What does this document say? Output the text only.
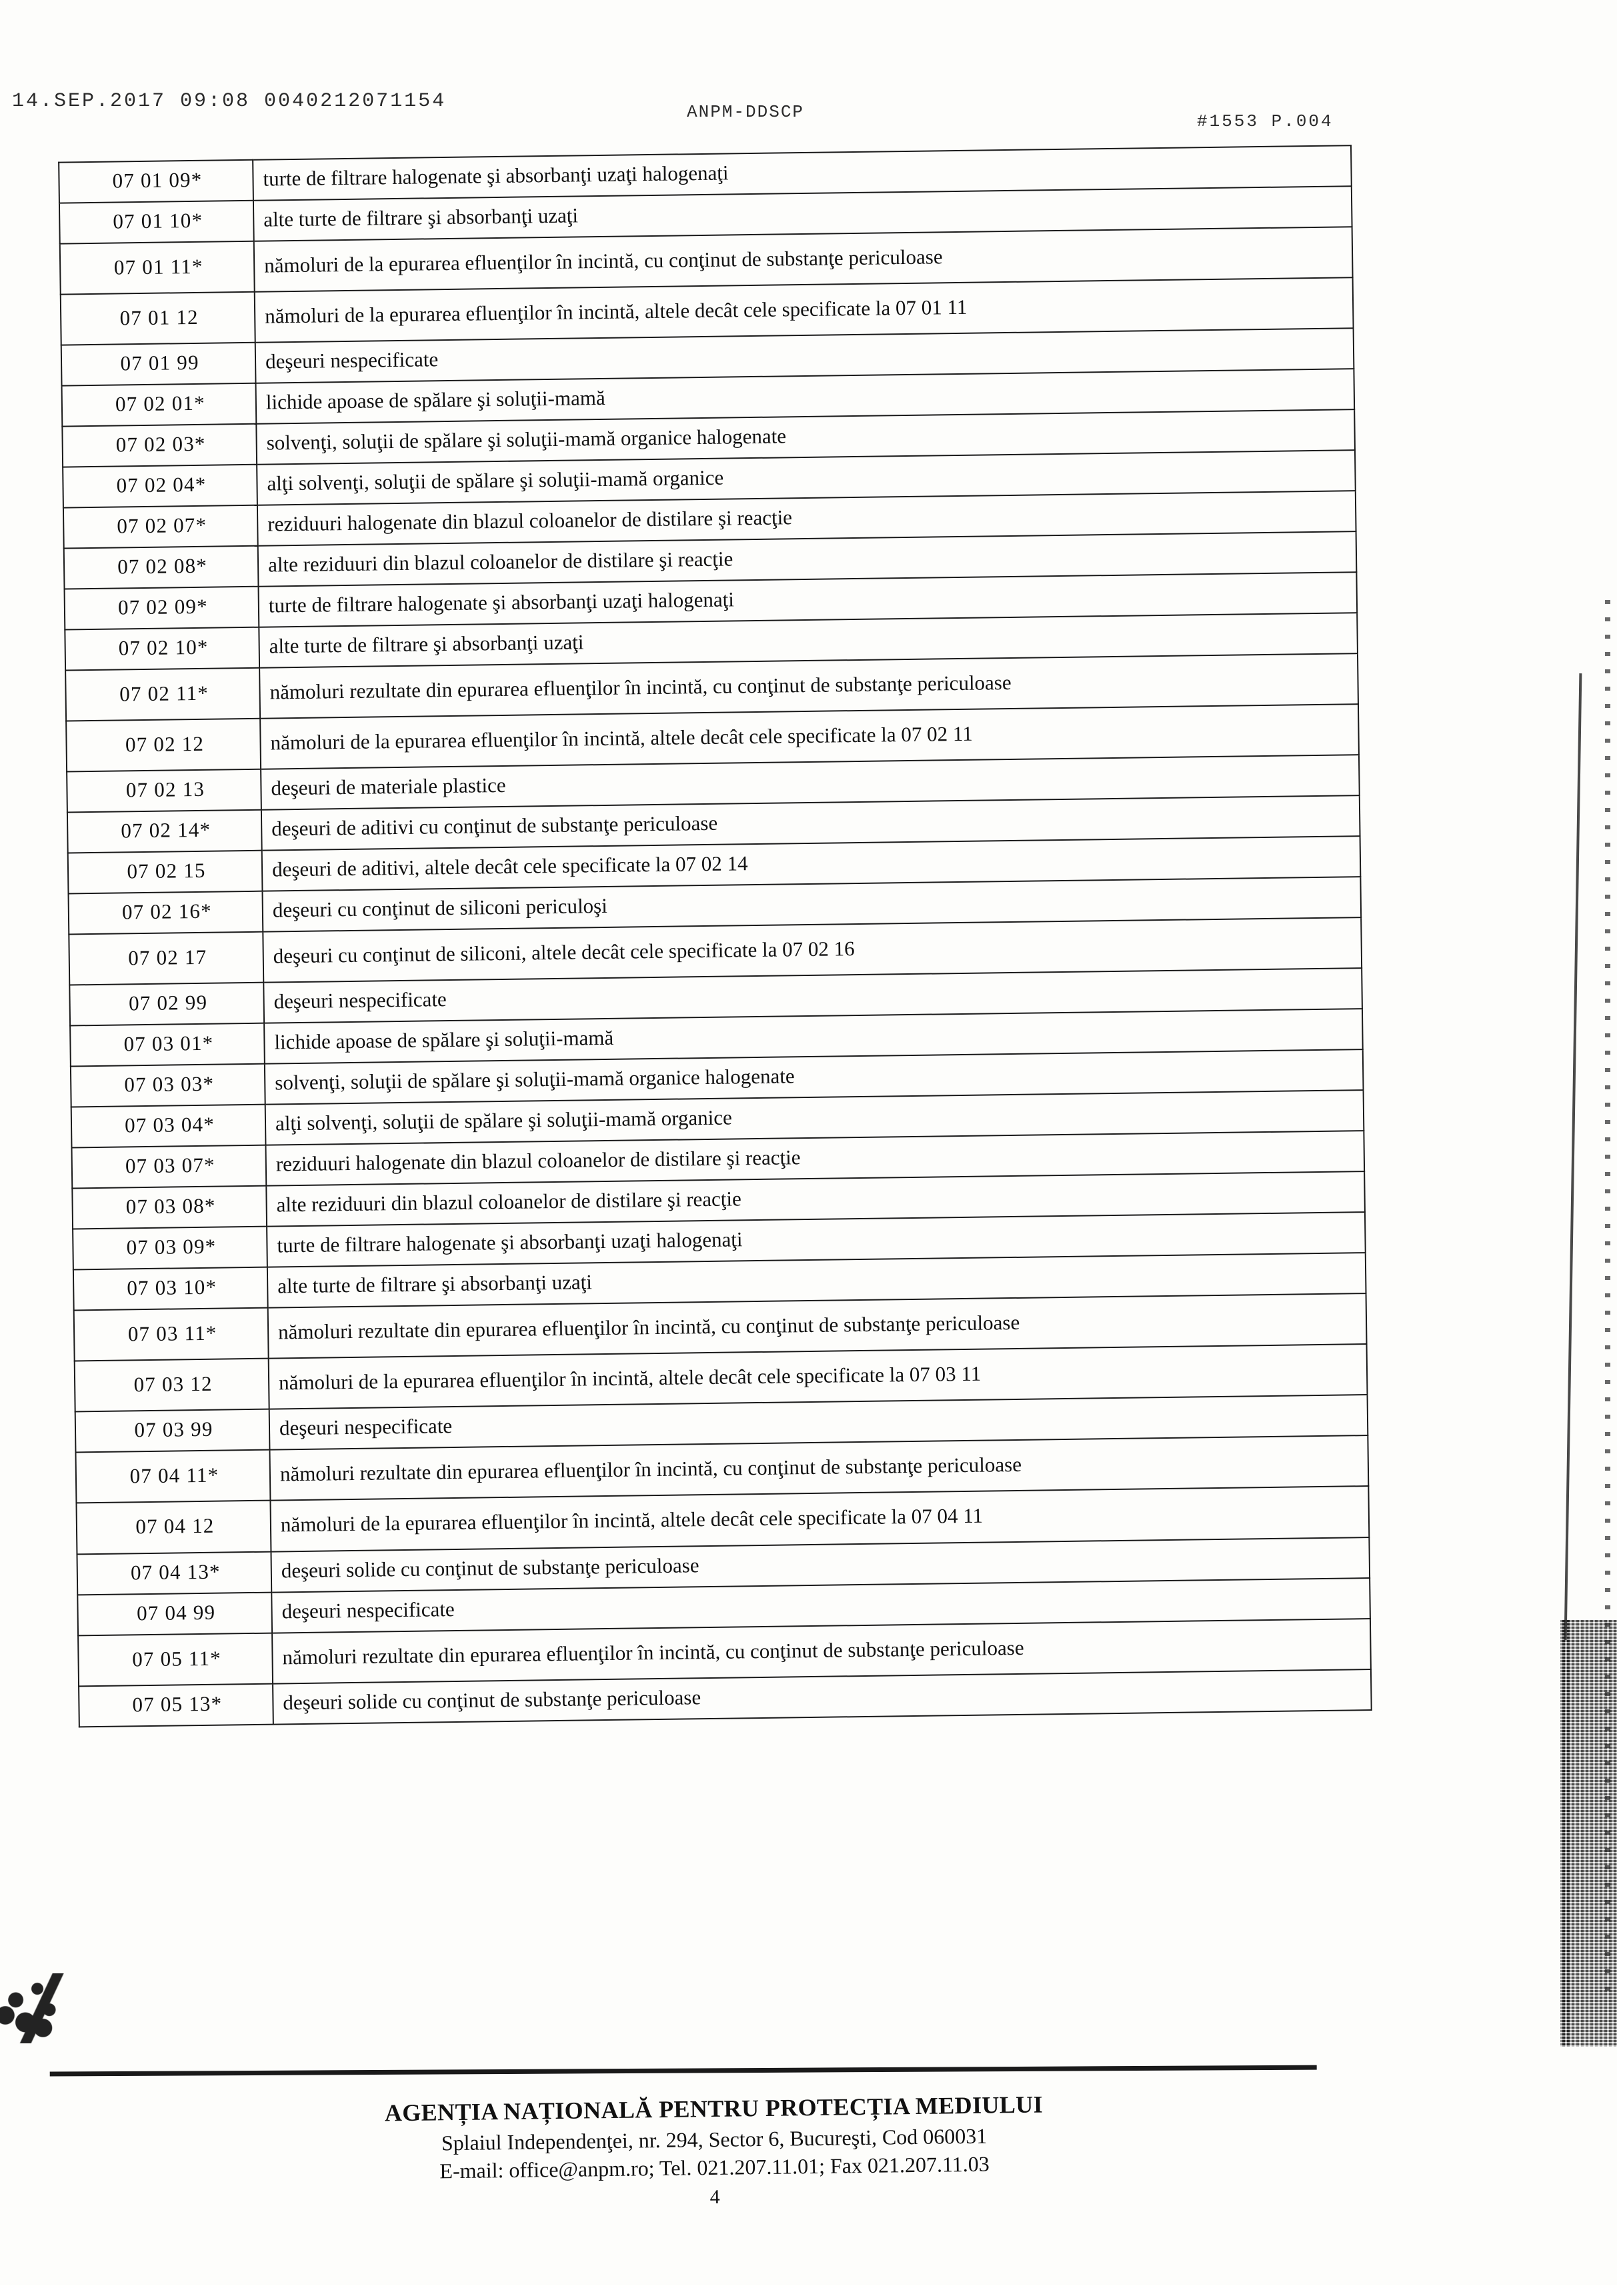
14.SEP.2017 09:08 0040212071154	ANPM-DDSCP	#1553 P.004
07 01 09*	turte de filtrare halogenate şi absorbanţi uzaţi halogenaţi
07 01 10*	alte turte de filtrare şi absorbanţi uzaţi
07 01 11*	nămoluri de la epurarea efluenţilor în incintă, cu conţinut de substanţe periculoase
07 01 12	nămoluri de la epurarea efluenţilor în incintă, altele decât cele specificate la 07 01 11
07 01 99	deşeuri nespecificate
07 02 01*	lichide apoase de spălare şi soluţii-mamă
07 02 03*	solvenţi, soluţii de spălare şi soluţii-mamă organice halogenate
07 02 04*	alţi solvenţi, soluţii de spălare şi soluţii-mamă organice
07 02 07*	reziduuri halogenate din blazul coloanelor de distilare şi reacţie
07 02 08*	alte reziduuri din blazul coloanelor de distilare şi reacţie
07 02 09*	turte de filtrare halogenate şi absorbanţi uzaţi halogenaţi
07 02 10*	alte turte de filtrare şi absorbanţi uzaţi
07 02 11*	nămoluri rezultate din epurarea efluenţilor în incintă, cu conţinut de substanţe periculoase
07 02 12	nămoluri de la epurarea efluenţilor în incintă, altele decât cele specificate la 07 02 11
07 02 13	deşeuri de materiale plastice
07 02 14*	deşeuri de aditivi cu conţinut de substanţe periculoase
07 02 15	deşeuri de aditivi, altele decât cele specificate la 07 02 14
07 02 16*	deşeuri cu conţinut de siliconi periculoşi
07 02 17	deşeuri cu conţinut de siliconi, altele decât cele specificate la 07 02 16
07 02 99	deşeuri nespecificate
07 03 01*	lichide apoase de spălare şi soluţii-mamă
07 03 03*	solvenţi, soluţii de spălare şi soluţii-mamă organice halogenate
07 03 04*	alţi solvenţi, soluţii de spălare şi soluţii-mamă organice
07 03 07*	reziduuri halogenate din blazul coloanelor de distilare şi reacţie
07 03 08*	alte reziduuri din blazul coloanelor de distilare şi reacţie
07 03 09*	turte de filtrare halogenate şi absorbanţi uzaţi halogenaţi
07 03 10*	alte turte de filtrare şi absorbanţi uzaţi
07 03 11*	nămoluri rezultate din epurarea efluenţilor în incintă, cu conţinut de substanţe periculoase
07 03 12	nămoluri de la epurarea efluenţilor în incintă, altele decât cele specificate la 07 03 11
07 03 99	deşeuri nespecificate
07 04 11*	nămoluri rezultate din epurarea efluenţilor în incintă, cu conţinut de substanţe periculoase
07 04 12	nămoluri de la epurarea efluenţilor în incintă, altele decât cele specificate la 07 04 11
07 04 13*	deşeuri solide cu conţinut de substanţe periculoase
07 04 99	deşeuri nespecificate
07 05 11*	nămoluri rezultate din epurarea efluenţilor în incintă, cu conţinut de substanţe periculoase
07 05 13*	deşeuri solide cu conţinut de substanţe periculoase
AGENȚIA NAȚIONALĂ PENTRU PROTECȚIA MEDIULUI
Splaiul Independenţei, nr. 294, Sector 6, Bucureşti, Cod 060031
E-mail: office@anpm.ro; Tel. 021.207.11.01; Fax 021.207.11.03
4
